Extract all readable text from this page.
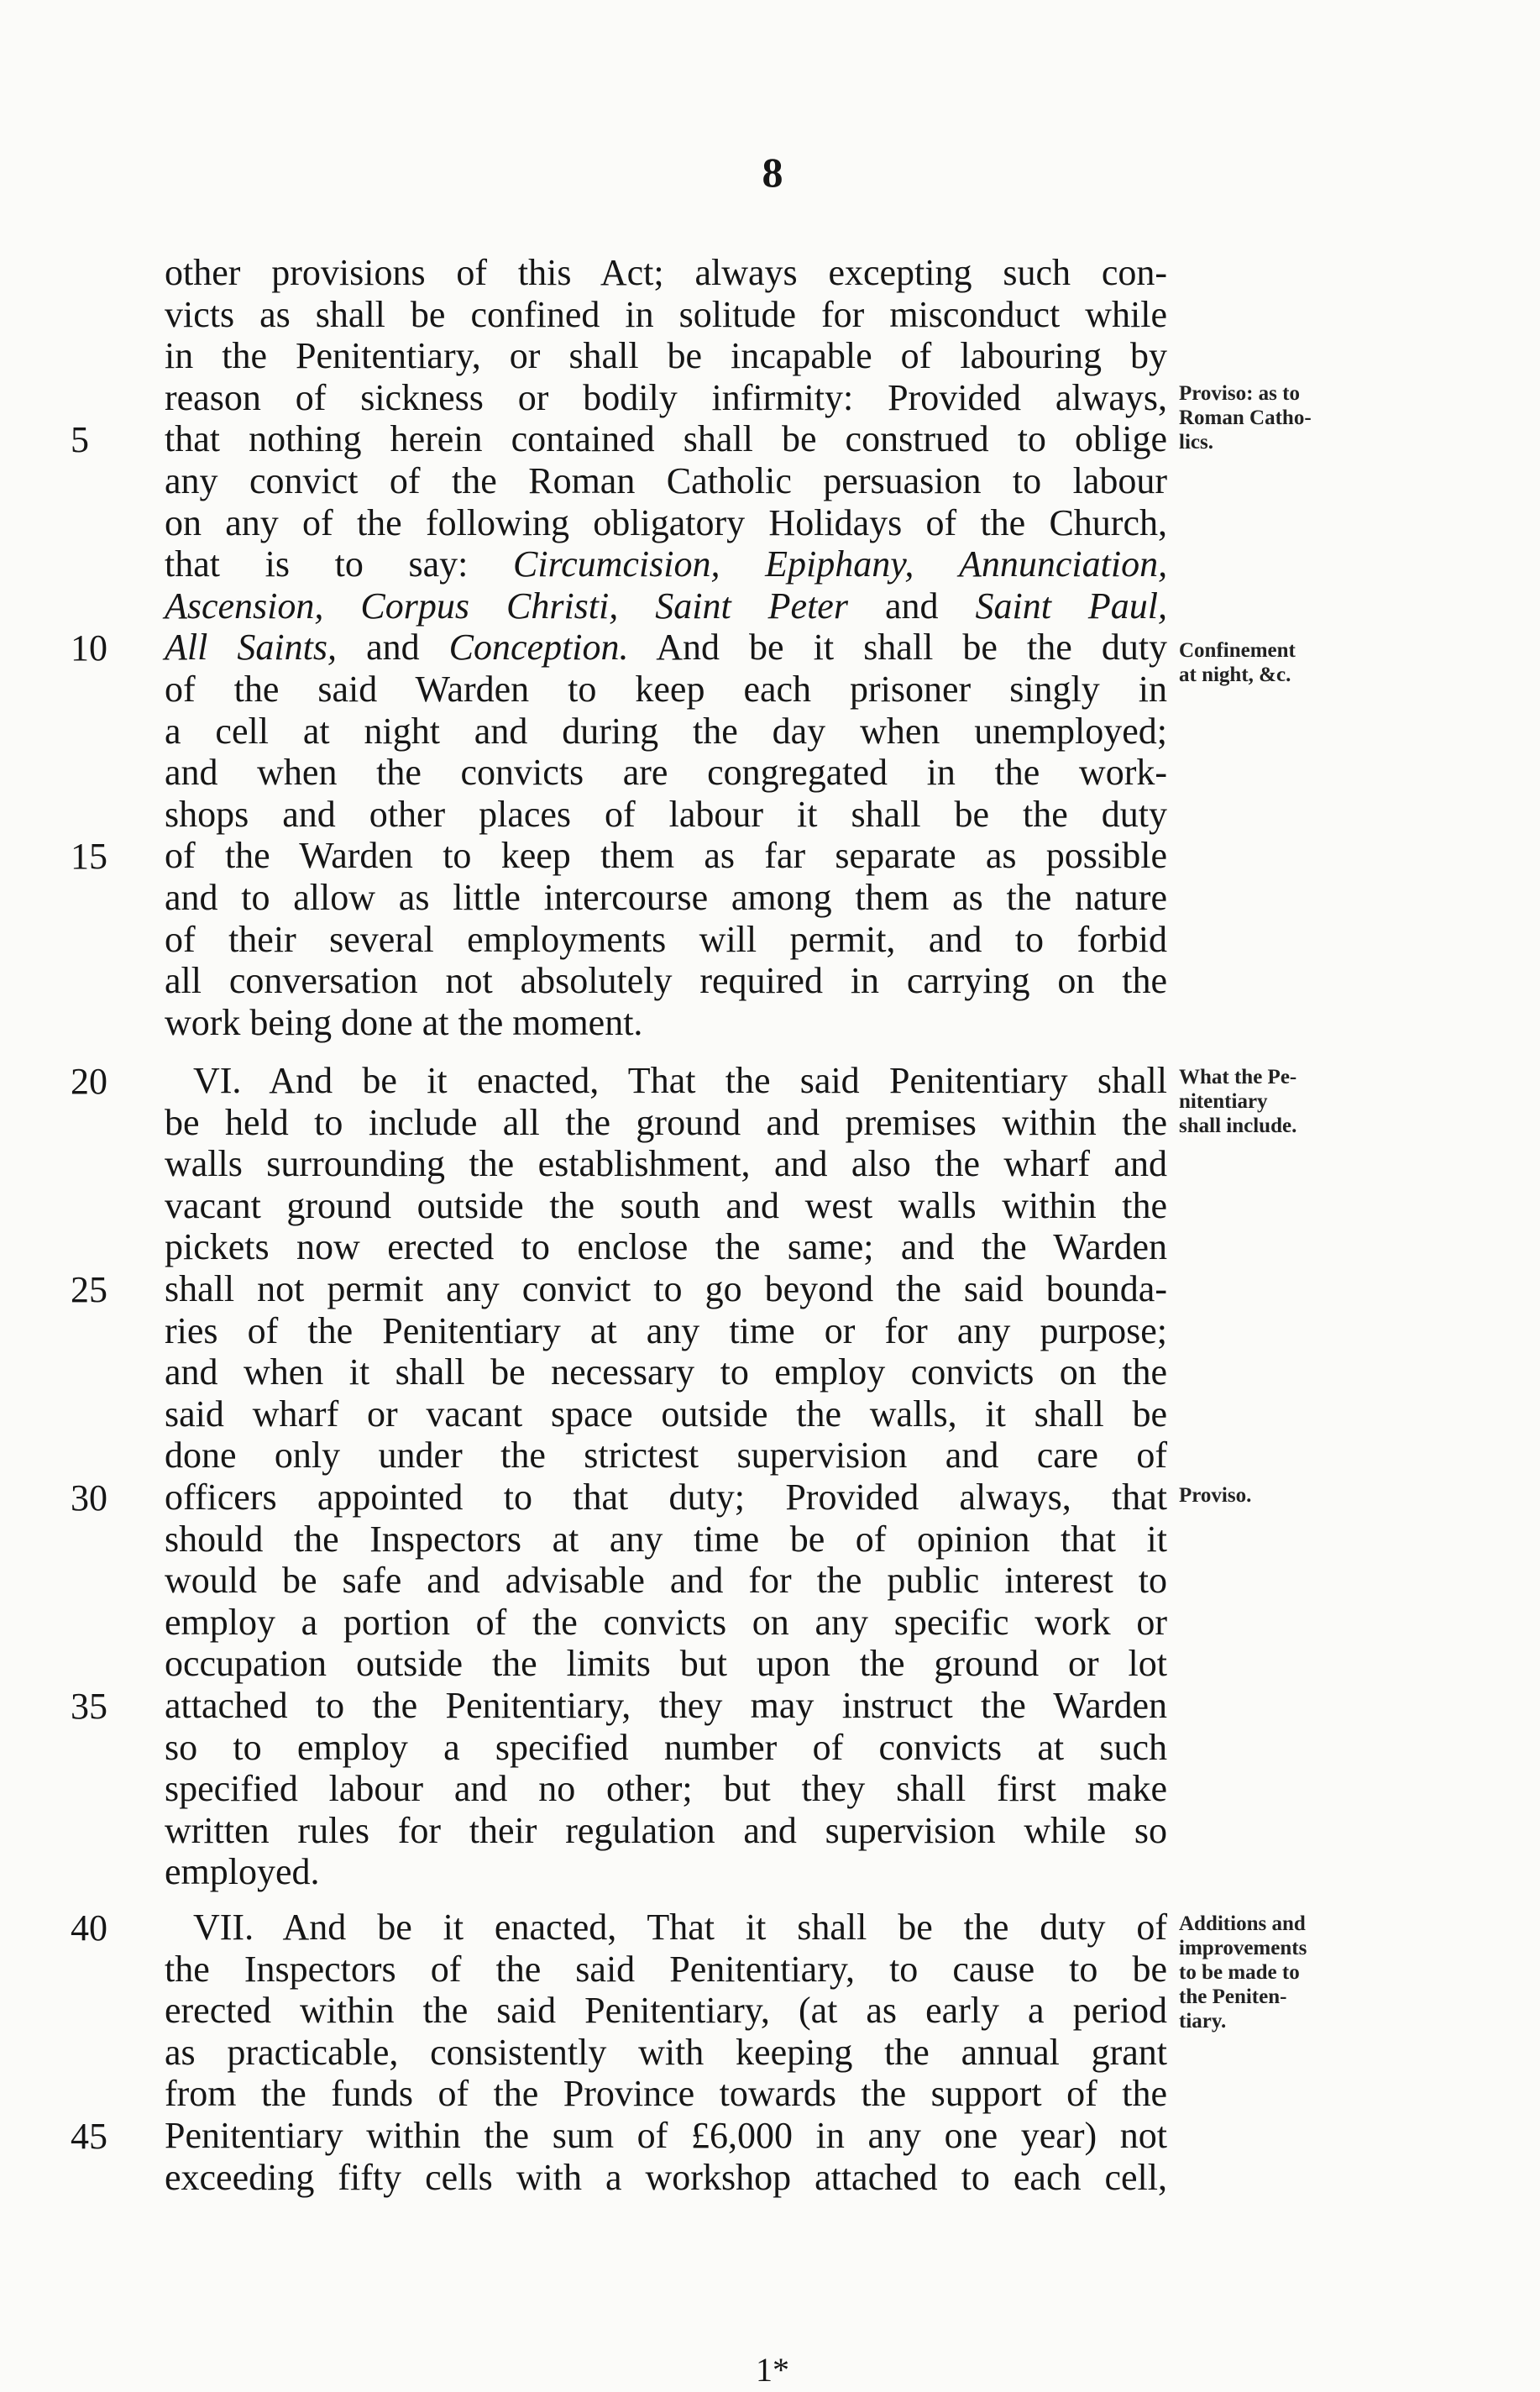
8
other provisions of this Act; always excepting such con-
victs as shall be confined in solitude for misconduct while
in the Penitentiary, or shall be incapable of labouring by
reason of sickness or bodily infirmity: Provided always,
5	that nothing herein contained shall be construed to oblige
any convict of the Roman Catholic persuasion to labour
on any of the following obligatory Holidays of the Church,
that is to say: Circumcision, Epiphany, Annunciation,
Ascension, Corpus Christi, Saint Peter and Saint Paul,
10	All Saints, and Conception. And be it shall be the duty
of the said Warden to keep each prisoner singly in
a cell at night and during the day when unemployed;
and when the convicts are congregated in the work-
shops and other places of labour it shall be the duty
15	of the Warden to keep them as far separate as possible
and to allow as little intercourse among them as the nature
of their several employments will permit, and to forbid
all conversation not absolutely required in carrying on the
work being done at the moment.
20	VI. And be it enacted, That the said Penitentiary shall
be held to include all the ground and premises within the
walls surrounding the establishment, and also the wharf and
vacant ground outside the south and west walls within the
pickets now erected to enclose the same; and the Warden
25	shall not permit any convict to go beyond the said bounda-
ries of the Penitentiary at any time or for any purpose;
and when it shall be necessary to employ convicts on the
said wharf or vacant space outside the walls, it shall be
done only under the strictest supervision and care of
30	officers appointed to that duty; Provided always, that
should the Inspectors at any time be of opinion that it
would be safe and advisable and for the public interest to
employ a portion of the convicts on any specific work or
occupation outside the limits but upon the ground or lot
35	attached to the Penitentiary, they may instruct the Warden
so to employ a specified number of convicts at such
specified labour and no other; but they shall first make
written rules for their regulation and supervision while so
employed.
40	VII. And be it enacted, That it shall be the duty of
the Inspectors of the said Penitentiary, to cause to be
erected within the said Penitentiary, (at as early a period
as practicable, consistently with keeping the annual grant
from the funds of the Province towards the support of the
45	Penitentiary within the sum of £6,000 in any one year) not
exceeding fifty cells with a workshop attached to each cell,
Proviso: as to
Roman Catho-
lics.
Confinement
at night, &c.
What the Pe-
nitentiary
shall include.
Proviso.
Additions and
improvements
to be made to
the Peniten-
tiary.
1*
